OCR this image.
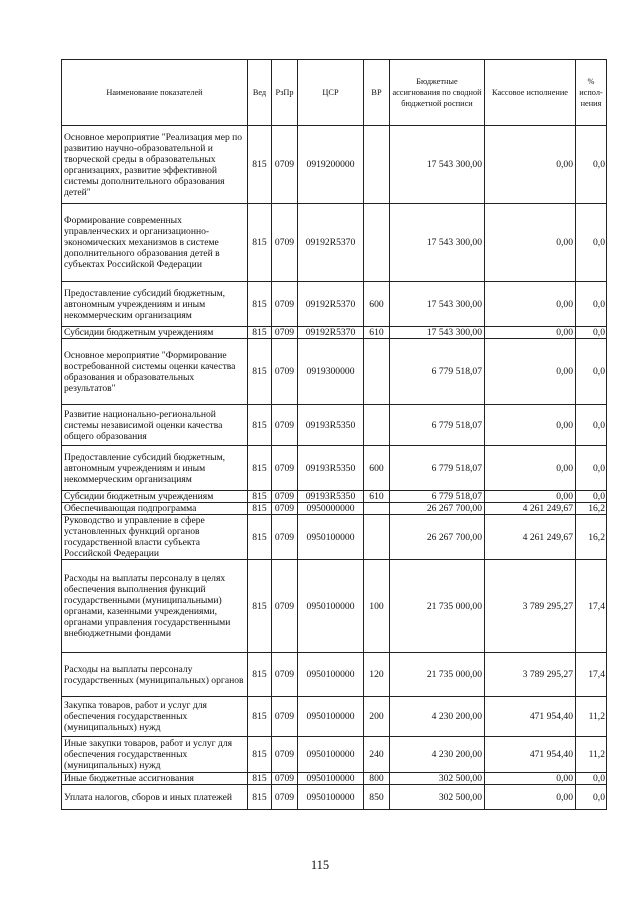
Наименование показателей	Вед	РзПр	ЦСР	ВР	Бюджетные ассигнования по сводной бюджетной росписи	Кассовое исполнение	% испол-нения
Основное мероприятие "Реализация мер по развитию научно-образовательной и творческой среды в образовательных организациях, развитие эффективной системы дополнительного образования детей"	815	0709	0919200000		17 543 300,00	0,00	0,0
Формирование современных управленческих и организационно-экономических механизмов в системе дополнительного образования детей в субъектах Российской Федерации	815	0709	09192R5370		17 543 300,00	0,00	0,0
Предоставление субсидий бюджетным, автономным учреждениям и иным некоммерческим организациям	815	0709	09192R5370	600	17 543 300,00	0,00	0,0
Субсидии бюджетным учреждениям	815	0709	09192R5370	610	17 543 300,00	0,00	0,0
Основное мероприятие "Формирование востребованной системы оценки качества образования и образовательных результатов"	815	0709	0919300000		6 779 518,07	0,00	0,0
Развитие национально-региональной системы независимой оценки качества общего образования	815	0709	09193R5350		6 779 518,07	0,00	0,0
Предоставление субсидий бюджетным, автономным учреждениям и иным некоммерческим организациям	815	0709	09193R5350	600	6 779 518,07	0,00	0,0
Субсидии бюджетным учреждениям	815	0709	09193R5350	610	6 779 518,07	0,00	0,0
Обеспечивающая подпрограмма	815	0709	0950000000		26 267 700,00	4 261 249,67	16,2
Руководство и управление в сфере установленных функций органов государственной власти субъекта Российской Федерации	815	0709	0950100000		26 267 700,00	4 261 249,67	16,2
Расходы на выплаты персоналу в целях обеспечения выполнения функций государственными (муниципальными) органами, казенными учреждениями, органами управления государственными внебюджетными фондами	815	0709	0950100000	100	21 735 000,00	3 789 295,27	17,4
Расходы на выплаты персоналу государственных (муниципальных) органов	815	0709	0950100000	120	21 735 000,00	3 789 295,27	17,4
Закупка товаров, работ и услуг для обеспечения государственных (муниципальных) нужд	815	0709	0950100000	200	4 230 200,00	471 954,40	11,2
Иные закупки товаров, работ и услуг для обеспечения государственных (муниципальных) нужд	815	0709	0950100000	240	4 230 200,00	471 954,40	11,2
Иные бюджетные ассигнования	815	0709	0950100000	800	302 500,00	0,00	0,0
Уплата налогов, сборов и иных платежей	815	0709	0950100000	850	302 500,00	0,00	0,0
115
